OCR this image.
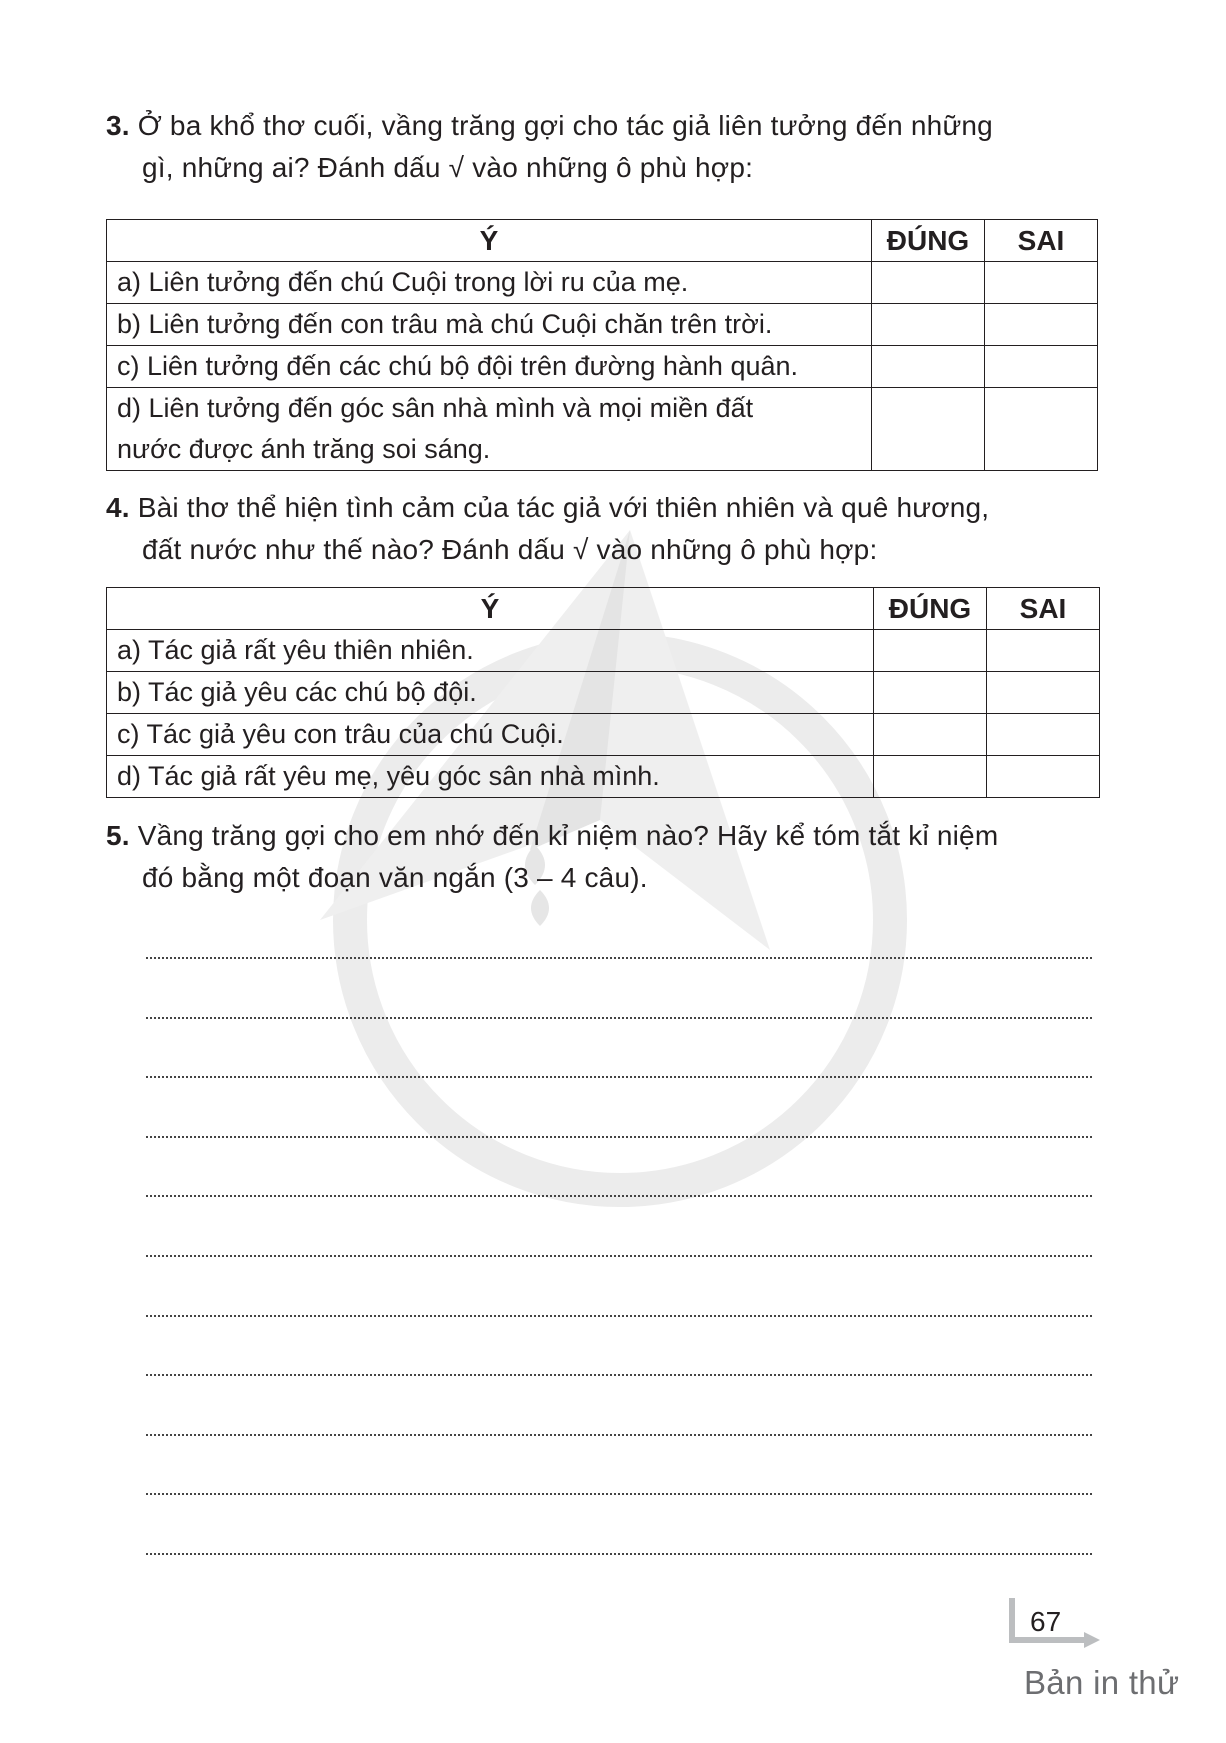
3. Ở ba khổ thơ cuối, vầng trăng gợi cho tác giả liên tưởng đến những
gì, những ai? Đánh dấu √ vào những ô phù hợp:
Ý	ĐÚNG	SAI
a) Liên tưởng đến chú Cuội trong lời ru của mẹ.		
b) Liên tưởng đến con trâu mà chú Cuội chăn trên trời.		
c) Liên tưởng đến các chú bộ đội trên đường hành quân.		
d) Liên tưởng đến góc sân nhà mình và mọi miền đất
nước được ánh trăng soi sáng.		
4. Bài thơ thể hiện tình cảm của tác giả với thiên nhiên và quê hương,
đất nước như thế nào? Đánh dấu √ vào những ô phù hợp:
Ý	ĐÚNG	SAI
a) Tác giả rất yêu thiên nhiên.		
b) Tác giả yêu các chú bộ đội.		
c) Tác giả yêu con trâu của chú Cuội.		
d) Tác giả rất yêu mẹ, yêu góc sân nhà mình.		
5. Vầng trăng gợi cho em nhớ đến kỉ niệm nào? Hãy kể tóm tắt kỉ niệm
đó bằng một đoạn văn ngắn (3 – 4 câu).
67
Bản in thử
